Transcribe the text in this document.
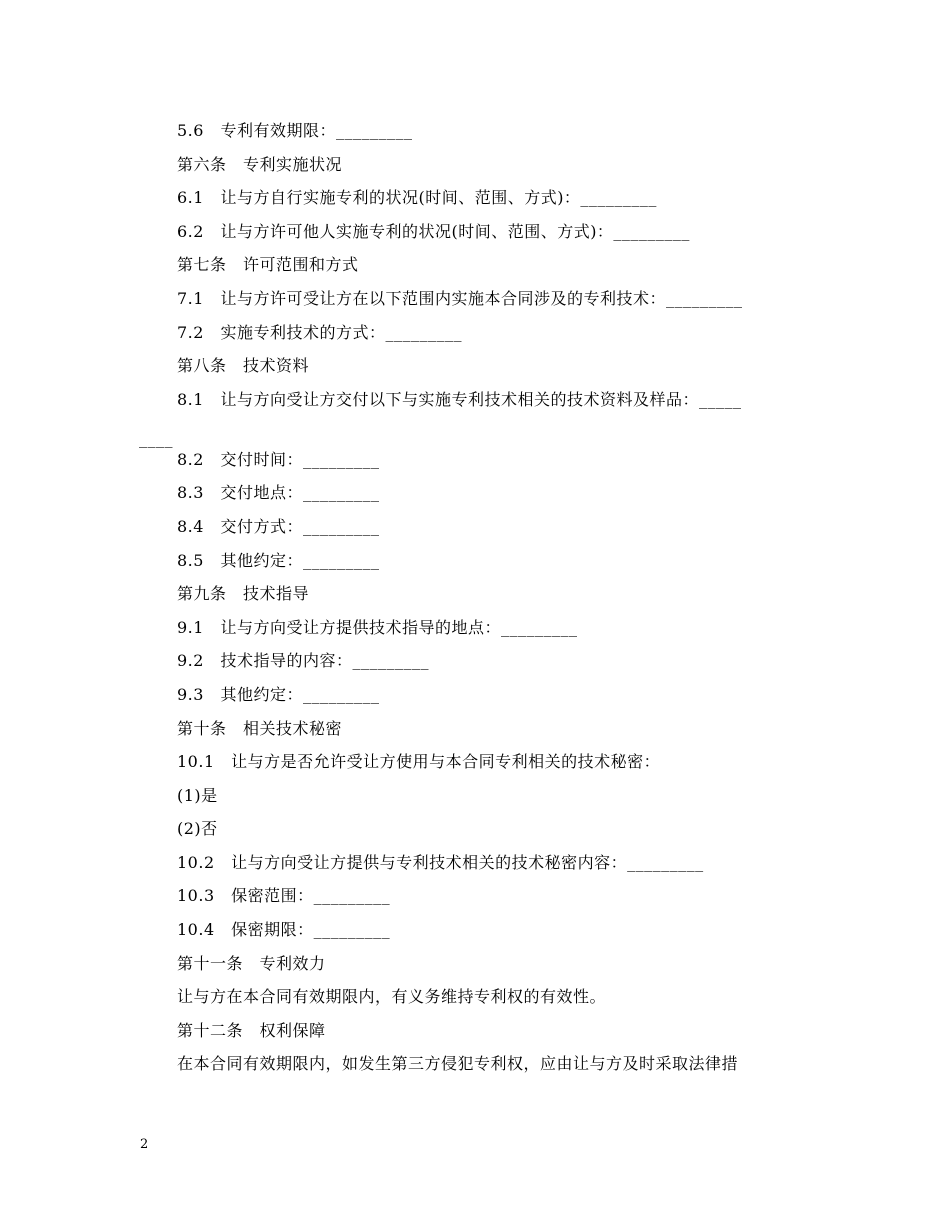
5.6　专利有效期限：_________
第六条　专利实施状况
6.1　让与方自行实施专利的状况(时间、范围、方式)：_________
6.2　让与方许可他人实施专利的状况(时间、范围、方式)：_________
第七条　许可范围和方式
7.1　让与方许可受让方在以下范围内实施本合同涉及的专利技术：_________
7.2　实施专利技术的方式：_________
第八条　技术资料
8.1　让与方向受让方交付以下与实施专利技术相关的技术资料及样品：_____
8.2　交付时间：_________
8.3　交付地点：_________
8.4　交付方式：_________
8.5　其他约定：_________
第九条　技术指导
9.1　让与方向受让方提供技术指导的地点：_________
9.2　技术指导的内容：_________
9.3　其他约定：_________
第十条　相关技术秘密
10.1　让与方是否允许受让方使用与本合同专利相关的技术秘密：
(1)是
(2)否
10.2　让与方向受让方提供与专利技术相关的技术秘密内容：_________
10.3　保密范围：_________
10.4　保密期限：_________
第十一条　专利效力
让与方在本合同有效期限内，有义务维持专利权的有效性。
第十二条　权利保障
在本合同有效期限内，如发生第三方侵犯专利权，应由让与方及时采取法律措
____
2
